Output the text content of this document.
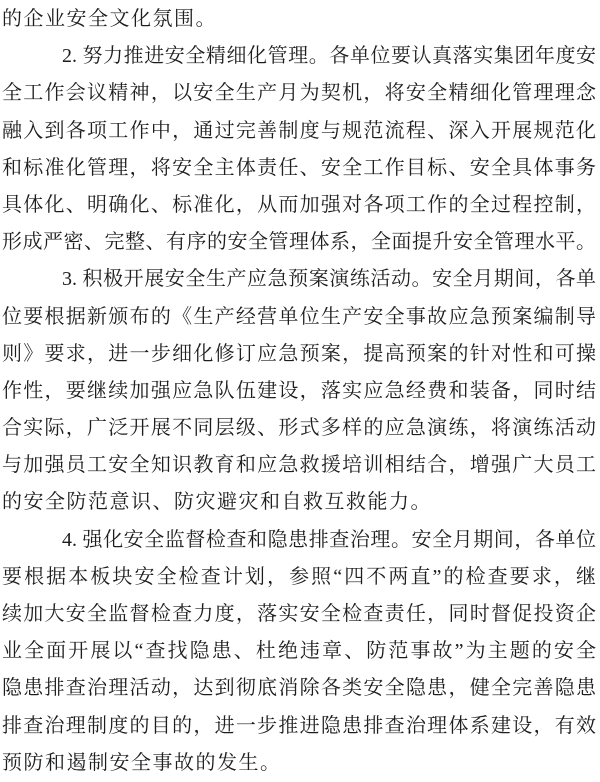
的企业安全文化氛围。
2. 努力推进安全精细化管理。各单位要认真落实集团年度安
全工作会议精神，以安全生产月为契机，将安全精细化管理理念
融入到各项工作中，通过完善制度与规范流程、深入开展规范化
和标准化管理，将安全主体责任、安全工作目标、安全具体事务
具体化、明确化、标准化，从而加强对各项工作的全过程控制，
形成严密、完整、有序的安全管理体系，全面提升安全管理水平。
3. 积极开展安全生产应急预案演练活动。安全月期间，各单
位要根据新颁布的《生产经营单位生产安全事故应急预案编制导
则》要求，进一步细化修订应急预案，提高预案的针对性和可操
作性，要继续加强应急队伍建设，落实应急经费和装备，同时结
合实际，广泛开展不同层级、形式多样的应急演练，将演练活动
与加强员工安全知识教育和应急救援培训相结合，增强广大员工
的安全防范意识、防灾避灾和自救互救能力。
4. 强化安全监督检查和隐患排查治理。安全月期间，各单位
要根据本板块安全检查计划，参照“四不两直”的检查要求，继
续加大安全监督检查力度，落实安全检查责任，同时督促投资企
业全面开展以“查找隐患、杜绝违章、防范事故”为主题的安全
隐患排查治理活动，达到彻底消除各类安全隐患，健全完善隐患
排查治理制度的目的，进一步推进隐患排查治理体系建设，有效
预防和遏制安全事故的发生。
